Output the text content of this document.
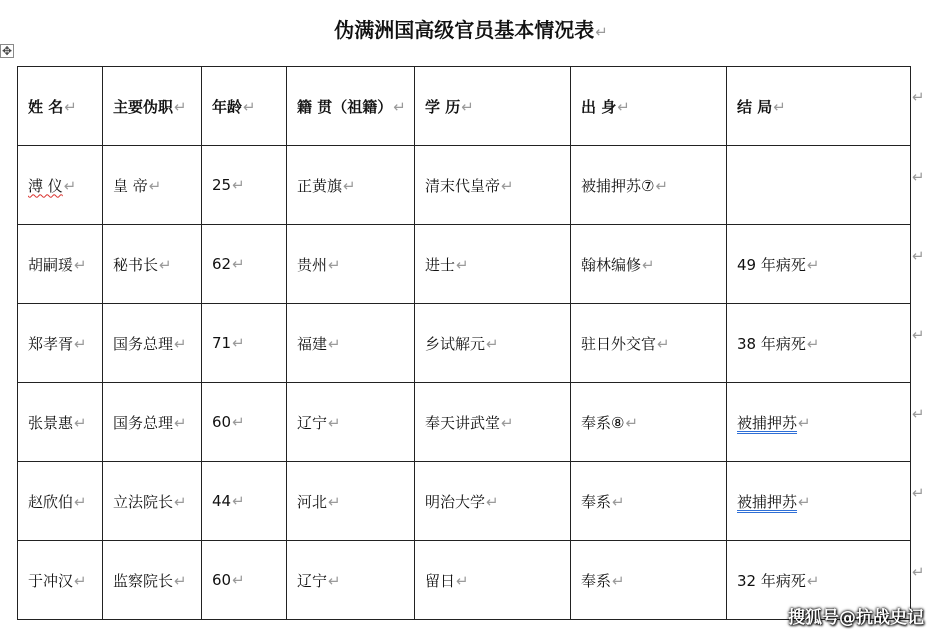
伪满洲国高级官员基本情况表↵
✥
姓 名↵	主要伪职↵	年龄↵	籍 贯（祖籍）↵	学 历↵	出 身↵	结 局↵
溥 仪↵	皇 帝↵	25↵	正黄旗↵	清末代皇帝↵	被捕押苏⑦↵	
胡嗣瑗↵	秘书长↵	62↵	贵州↵	进士↵	翰林编修↵	49 年病死↵
郑孝胥↵	国务总理↵	71↵	福建↵	乡试解元↵	驻日外交官↵	38 年病死↵
张景惠↵	国务总理↵	60↵	辽宁↵	奉天讲武堂↵	奉系⑧↵	被捕押苏↵
赵欣伯↵	立法院长↵	44↵	河北↵	明治大学↵	奉系↵	被捕押苏↵
于冲汉↵	监察院长↵	60↵	辽宁↵	留日↵	奉系↵	32 年病死↵
↵
↵
↵
↵
↵
↵
↵
搜狐号@抗战史记
